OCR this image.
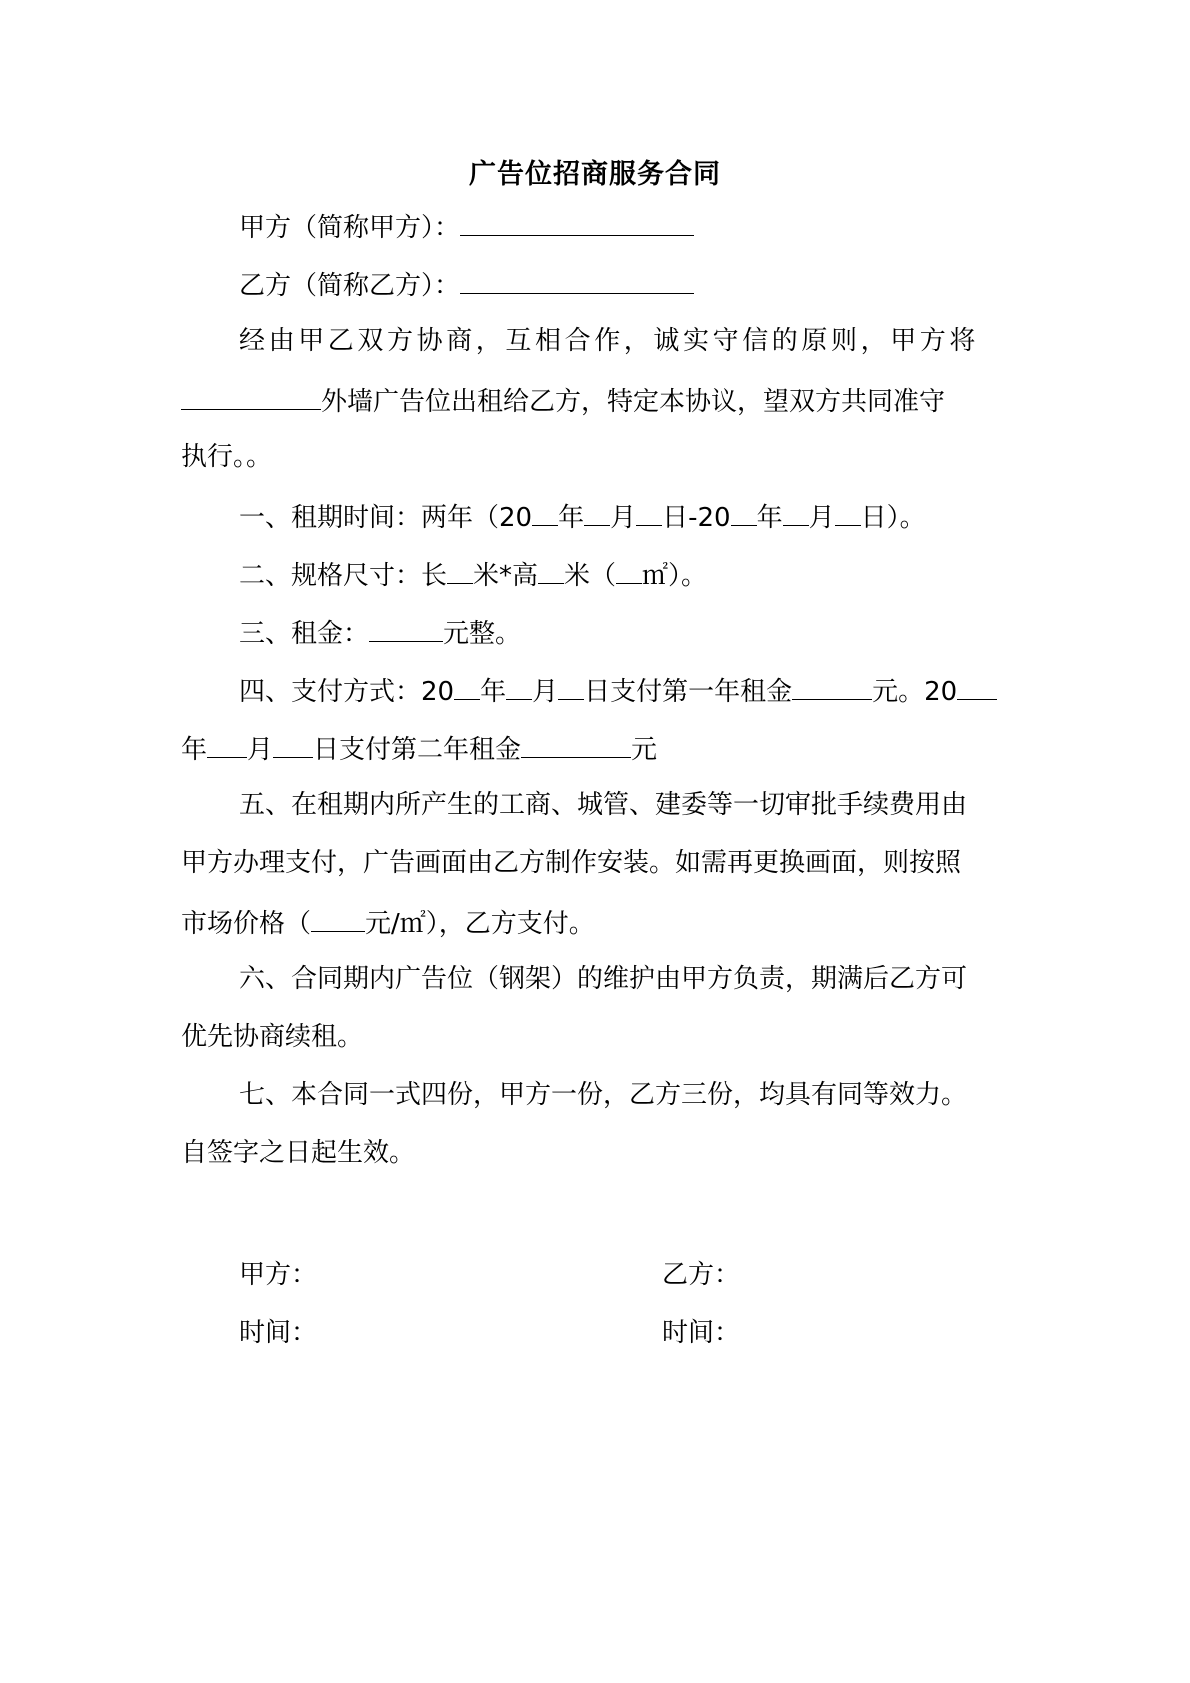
广告位招商服务合同
甲方（简称甲方）：
乙方（简称乙方）：
经由甲乙双方协商，互相合作，诚实守信的原则，甲方将
外墙广告位出租给乙方，特定本协议，望双方共同准守
执行。。
一、租期时间：两年（20 年 月 日-20 年 月 日）。
二、规格尺寸：长 米*高 米（ ㎡）。
三、租金：	元整。
四、支付方式：20 年 月 日支付第一年租金	元。20
年 月 日支付第二年租金	元
五、在租期内所产生的工商、城管、建委等一切审批手续费用由
甲方办理支付，广告画面由乙方制作安装。如需再更换画面，则按照
市场价格（ 元/㎡），乙方支付。
六、合同期内广告位（钢架）的维护由甲方负责，期满后乙方可
优先协商续租。
七、本合同一式四份，甲方一份，乙方三份，均具有同等效力。
自签字之日起生效。
甲方：	乙方：
时间：	时间：
